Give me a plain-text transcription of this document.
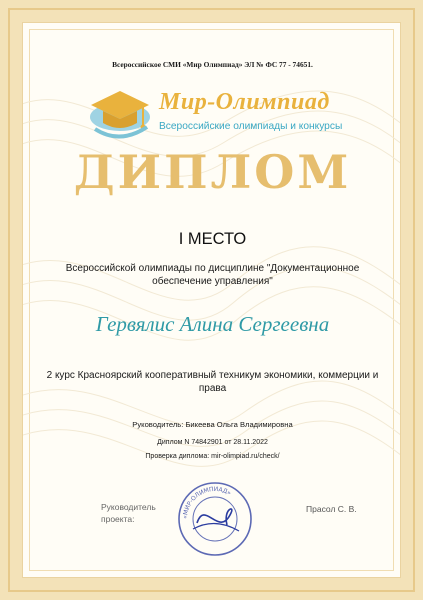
Всероссийское СМИ «Мир Олимпиад» ЭЛ № ФС 77 - 74651.
Мир-Олимпиад
Всероссийские олимпиады и конкурсы
ДИПЛОМ
I МЕСТО
Всероссийской олимпиады по дисциплине "Документационное обеспечение управления"
Гервялис Алина Сергеевна
2 курс Красноярский кооперативный техникум экономики, коммерции и права
Руководитель: Бикеева Ольга Владимировна
Диплом N 74842901 от 28.11.2022
Проверка диплома: mir-olimpiad.ru/check/
Руководитель проекта:	«МИР-ОЛИМПИАД»
Прасол С. В.
